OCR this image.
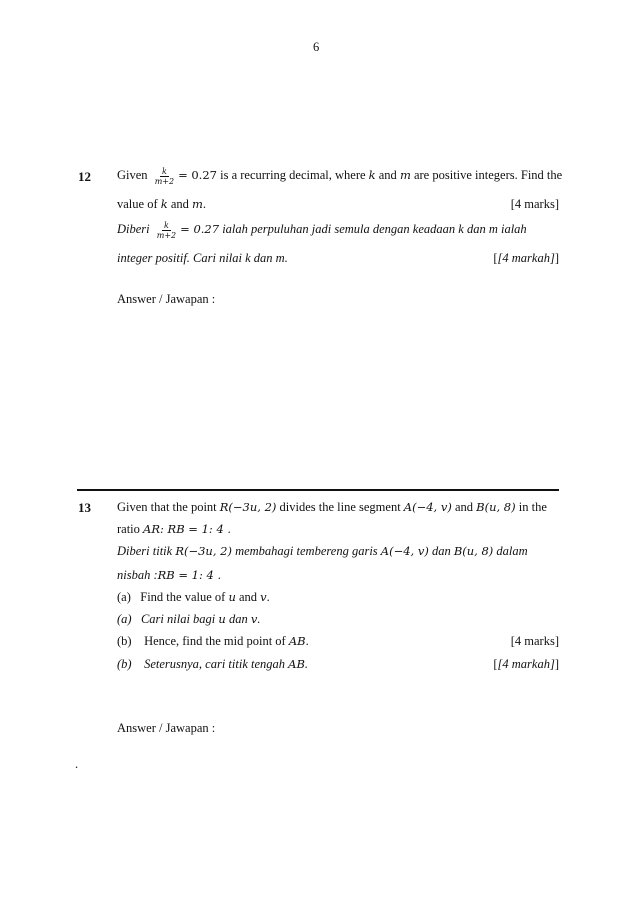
6
12 Given $\frac{k}{m+2} = 0.27$ is a recurring decimal, where k and m are positive integers. Find the
value of k and m.	[4 marks]
Diberi $\frac{k}{m+2} = 0.27$ ialah perpuluhan jadi semula dengan keadaan k dan m ialah
integer positif. Cari nilai k dan m.	[[4 markah]]
Answer / Jawapan :
13 Given that the point R(−3u, 2) divides the line segment A(−4, v) and B(u, 8) in the
ratio AR: RB = 1: 4 .
Diberi titik R(−3u, 2) membahagi tembereng garis A(−4, v) dan B(u, 8) dalam
nisbah :RB = 1: 4 .
(a) Find the value of u and v.
(a) Cari nilai bagi u dan v.
(b) Hence, find the mid point of AB.	[4 marks]
(b) Seterusnya, cari titik tengah AB.	[[4 markah]]
Answer / Jawapan :
.
